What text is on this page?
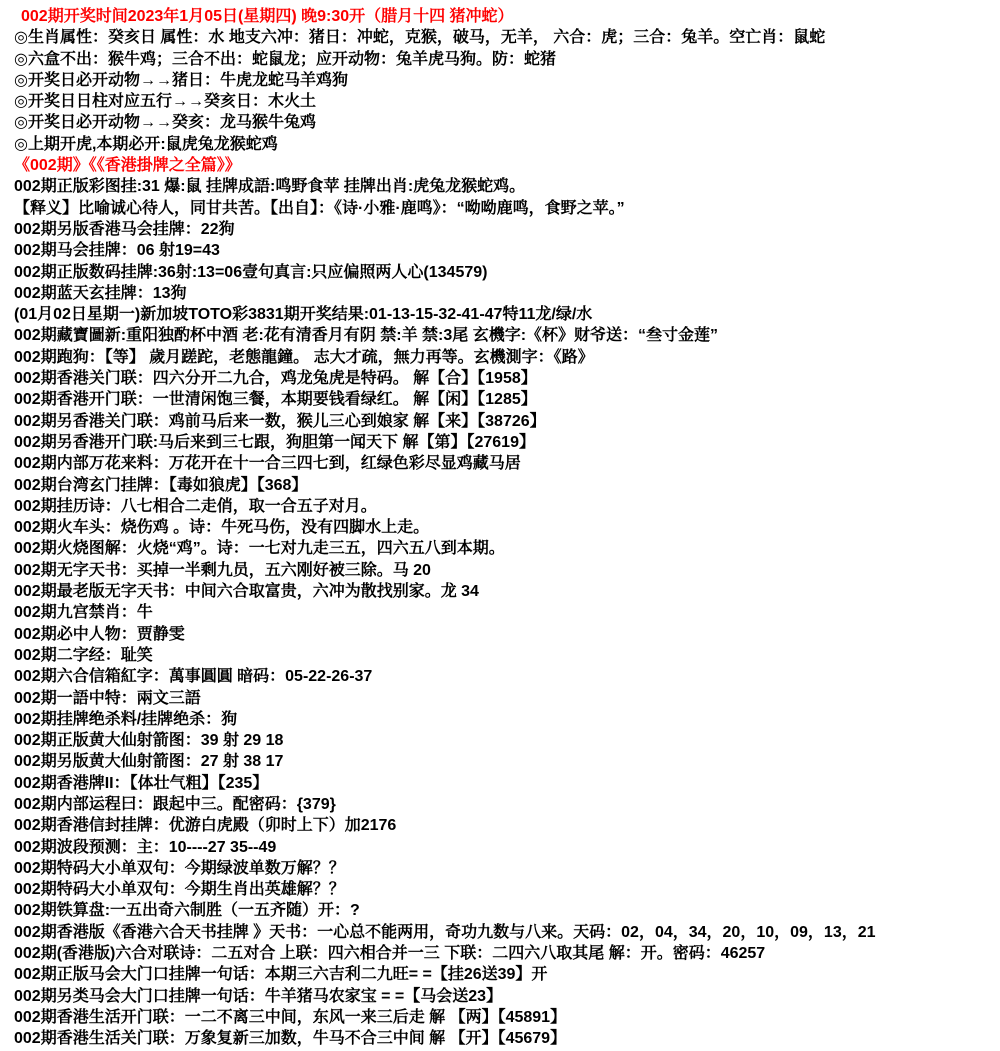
002期开奖时间2023年1月05日(星期四) 晚9:30开（腊月十四 猪冲蛇）
◎生肖属性：癸亥日 属性：水 地支六冲：猪日：冲蛇，克猴，破马，无羊， 六合：虎；三合：兔羊。空亡肖：鼠蛇
◎六盒不出：猴牛鸡；三合不出：蛇鼠龙；应开动物：兔羊虎马狗。防：蛇猪
◎开奖日必开动物→→猪日：牛虎龙蛇马羊鸡狗
◎开奖日日柱对应五行→→癸亥日：木火土
◎开奖日必开动物→→癸亥：龙马猴牛兔鸡
◎上期开虎,本期必开:鼠虎兔龙猴蛇鸡
《002期》《《香港掛牌之全篇》》
002期正版彩图挂:31 爆:鼠 挂牌成語:鸣野食苹 挂牌出肖:虎兔龙猴蛇鸡。
【释义】比喻诚心待人，同甘共苦。【出自】：《诗·小雅·鹿鸣》：“呦呦鹿鸣，食野之苹。”
002期另版香港马会挂牌：22狗
002期马会挂牌：06 射19=43
002期正版数码挂牌:36射:13=06壹句真言:只应偏照两人心(134579)
002期蓝天玄挂牌：13狗
(01月02日星期一)新加坡TOTO彩3831期开奖结果:01-13-15-32-41-47特11龙/绿/水
002期藏寶圖新:重阳独酌杯中酒 老:花有清香月有阴 禁:羊 禁:3尾 玄機字:《杯》财爷送：“叁寸金莲”
002期跑狗：【等】 歲月蹉跎，老態龍鐘。 志大才疏，無力再等。玄機測字：《路》
002期香港关门联：四六分开二九合，鸡龙兔虎是特码。 解【合】【1958】
002期香港开门联：一世清闲饱三餐，本期要钱看绿红。 解【闲】【1285】
002期另香港关门联：鸡前马后来一数，猴儿三心到娘家 解【来】【38726】
002期另香港开门联:马后来到三七跟，狗胆第一闻天下 解【第】【27619】
002期内部万花来料：万花开在十一合三四七到，红绿色彩尽显鸡藏马居
002期台湾玄门挂牌：【毒如狼虎】【368】
002期挂历诗：八七相合二走俏，取一合五子对月。
002期火车头：烧伤鸡 。诗：牛死马伤，没有四脚水上走。
002期火烧图解：火烧“鸡”。诗：一七对九走三五，四六五八到本期。
002期无字天书：买掉一半剩九员，五六刚好被三除。马 20
002期最老版无字天书：中间六合取富贵，六冲为散找别家。龙 34
002期九宫禁肖：牛
002期必中人物：贾静雯
002期二字经：耻笑
002期六合信箱紅字：萬事圓圓 暗码：05-22-26-37
002期一語中特：兩文三語
002期挂牌绝杀料/挂牌绝杀：狗
002期正版黄大仙射箭图：39 射 29 18
002期另版黄大仙射箭图：27 射 38 17
002期香港牌II：【体壮气粗】【235】
002期内部运程曰：跟起中三。配密码：{379}
002期香港信封挂牌：优游白虎殿（卯时上下）加2176
002期波段预测：主：10----27 35--49
002期特码大小单双句：今期绿波单数万解？？
002期特码大小单双句：今期生肖出英雄解？？
002期铁算盘:一五出奇六制胜（一五齐随）开：?
002期香港版《香港六合天书挂牌 》天书：一心总不能两用，奇功九数与八来。天码：02，04，34，20，10，09，13，21
002期(香港版)六合对联诗：二五对合 上联：四六相合并一三 下联：二四六八取其尾 解：开。密码：46257
002期正版马会大门口挂牌一句话：本期三六吉利二九旺= =【挂26送39】开
002期另类马会大门口挂牌一句话：牛羊猪马农家宝 = =【马会送23】
002期香港生活开门联：一二不离三中间，东风一来三后走 解 【两】【45891】
002期香港生活关门联：万象复新三加数，牛马不合三中间 解 【开】【45679】
